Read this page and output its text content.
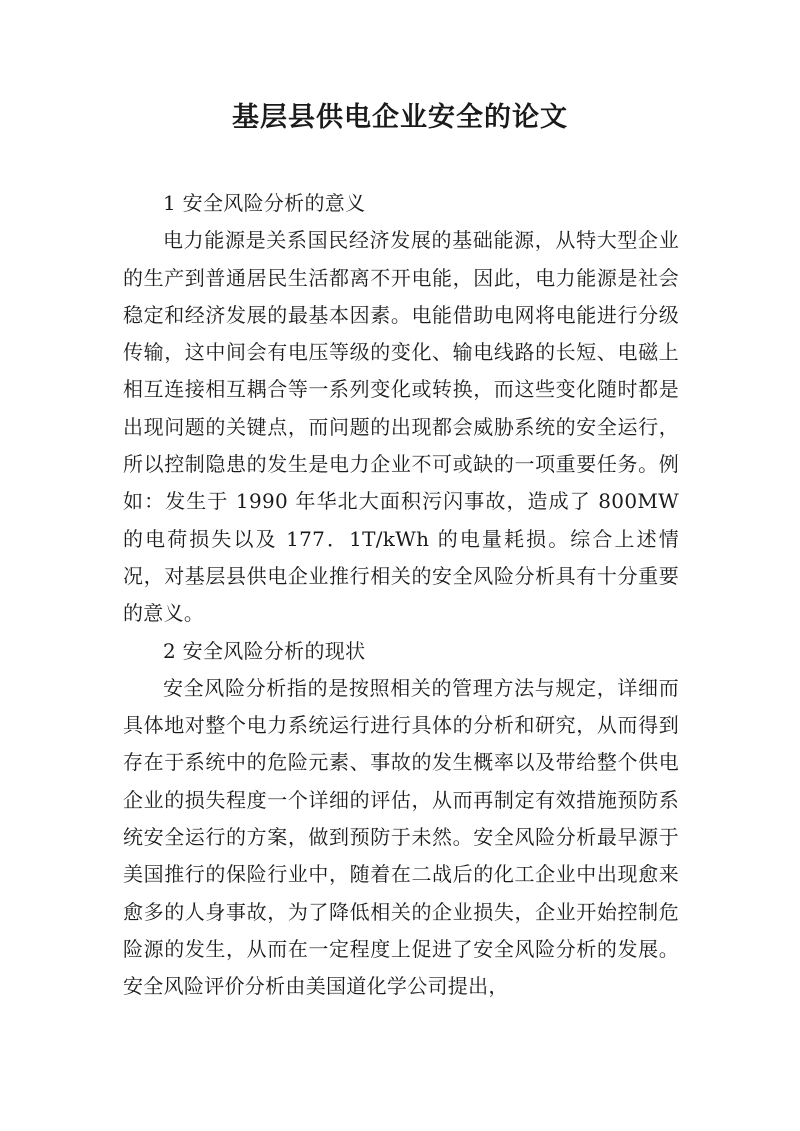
基层县供电企业安全的论文

1 安全风险分析的意义

电力能源是关系国民经济发展的基础能源，从特大型企业的生产到普通居民生活都离不开电能，因此，电力能源是社会稳定和经济发展的最基本因素。电能借助电网将电能进行分级传输，这中间会有电压等级的变化、输电线路的长短、电磁上相互连接相互耦合等一系列变化或转换，而这些变化随时都是出现问题的关键点，而问题的出现都会威胁系统的安全运行，所以控制隐患的发生是电力企业不可或缺的一项重要任务。例如：发生于 1990 年华北大面积污闪事故，造成了 800MW 的电荷损失以及 177．1T/kWh 的电量耗损。综合上述情况，对基层县供电企业推行相关的安全风险分析具有十分重要的意义。

2 安全风险分析的现状

安全风险分析指的是按照相关的管理方法与规定，详细而具体地对整个电力系统运行进行具体的分析和研究，从而得到存在于系统中的危险元素、事故的发生概率以及带给整个供电企业的损失程度一个详细的评估，从而再制定有效措施预防系统安全运行的方案，做到预防于未然。安全风险分析最早源于美国推行的保险行业中，随着在二战后的化工企业中出现愈来愈多的人身事故，为了降低相关的企业损失，企业开始控制危险源的发生，从而在一定程度上促进了安全风险分析的发展。安全风险评价分析由美国道化学公司提出，
